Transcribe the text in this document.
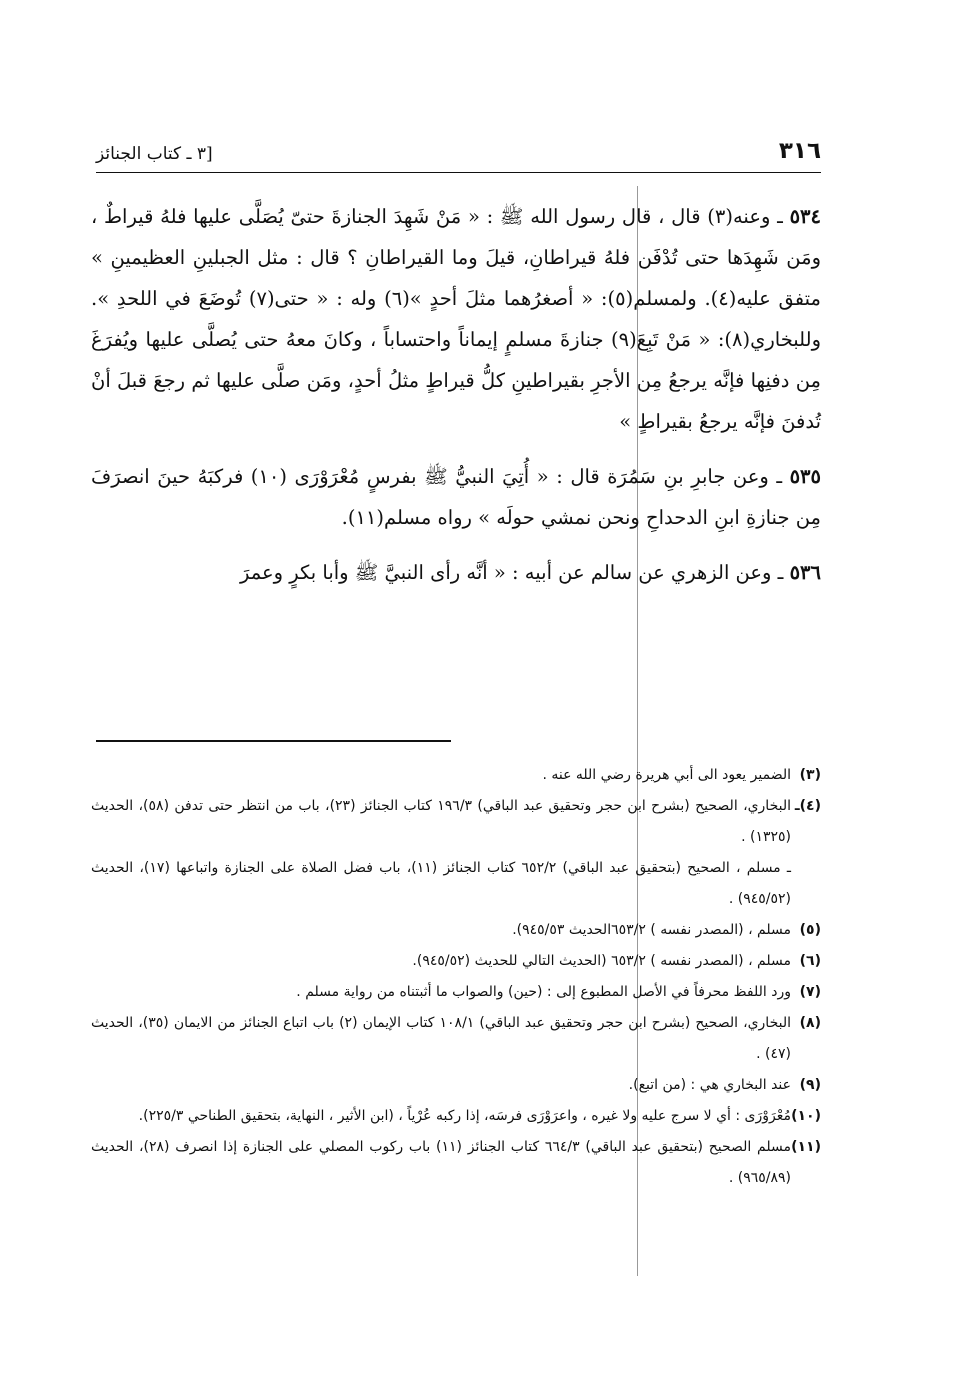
٣١٦
[٣ ـ كتاب الجنائز

٥٣٤ ـ وعنه(٣) قال ، قال رسول الله ﷺ : « مَنْ شَهِدَ الجنازةَ حتىّ يُصَلَّى عليها فلهُ قيراطٌ ، ومَن شَهِدَها حتى تُدْفَن فلهُ قيراطانِ، قيلَ وما القيراطانِ ؟ قال : مثل الجبلينِ العظيمينِ » متفق عليه(٤). ولمسلم(٥): « أصغرُهما مثلَ أحدٍ »(٦) وله : « حتى(٧) تُوضَعَ في اللحدِ ». وللبخاري(٨): « مَنْ تَبِعَ(٩) جنازةَ مسلمٍ إيماناً واحتساباً ، وكانَ معهُ حتى يُصلَّى عليها ويُفرَغَ مِن دفنِها فإنَّه يرجعُ مِن الأجرِ بقيراطينِ كلُّ قيراطٍ مثلُ أحدٍ، ومَن صلَّى عليها ثم رجعَ قبلَ أنْ تُدفنَ فإنَّه يرجعُ بقيراطٍ »

٥٣٥ ـ وعن جابرِ بنِ سَمُرَة قال : « أُتِيَ النبيُّ ﷺ بفرسٍ مُعْرَوْرَى (١٠) فركبَهُ حينَ انصرَفَ مِن جنازةِ ابنِ الدحداحِ ونحن نمشي حولَه » رواه مسلم(١١).

٥٣٦ ـ وعن الزهري عن سالم عن أبيه : « أنَّه رأى النبيَّ ﷺ وأبا بكرٍ وعمرَ

(٣)
الضمير يعود الى أبي هريرة رضي الله عنه .
(٤)ـ
البخاري، الصحيح (بشرح ابن حجر وتحقيق عبد الباقي) ١٩٦/٣ كتاب الجنائز (٢٣)، باب من انتظر حتى تدفن (٥٨)، الحديث (١٣٢٥) .
ـ مسلم ، الصحيح (بتحقيق عبد الباقي) ٦٥٢/٢ كتاب الجنائز (١١)، باب فضل الصلاة على الجنازة واتباعها (١٧)، الحديث (٩٤٥/٥٢) .
(٥)
مسلم ، (المصدر نفسه ) ٦٥٣/٢الحديث ٩٤٥/٥٣).
(٦)
مسلم ، (المصدر نفسه ) ٦٥٣/٢ (الحديث التالي للحديث (٩٤٥/٥٢).
(٧)
ورد اللفظ محرفاً في الأصل المطبوع إلى : (حين) والصواب ما أثبتناه من رواية مسلم .
(٨)
البخاري، الصحيح (بشرح ابن حجر وتحقيق عبد الباقي) ١٠٨/١ كتاب الإيمان (٢) باب اتباع الجنائز من الايمان (٣٥)، الحديث (٤٧) .
(٩)
عند البخاري هي : (من اتبع).
(١٠)
مُعْرَوْرَى : أي لا سرج عليه ولا غيره ، واعرَوْرَى فرسَه، إذا ركبه عُرْياً ، (ابن الأثير ، النهاية، بتحقيق الطناحي ٢٢٥/٣).
(١١)
مسلم الصحيح (بتحقيق عبد الباقي) ٦٦٤/٣ كتاب الجنائز (١١) باب ركوب المصلي على الجنازة إذا انصرف (٢٨)، الحديث (٩٦٥/٨٩) .
